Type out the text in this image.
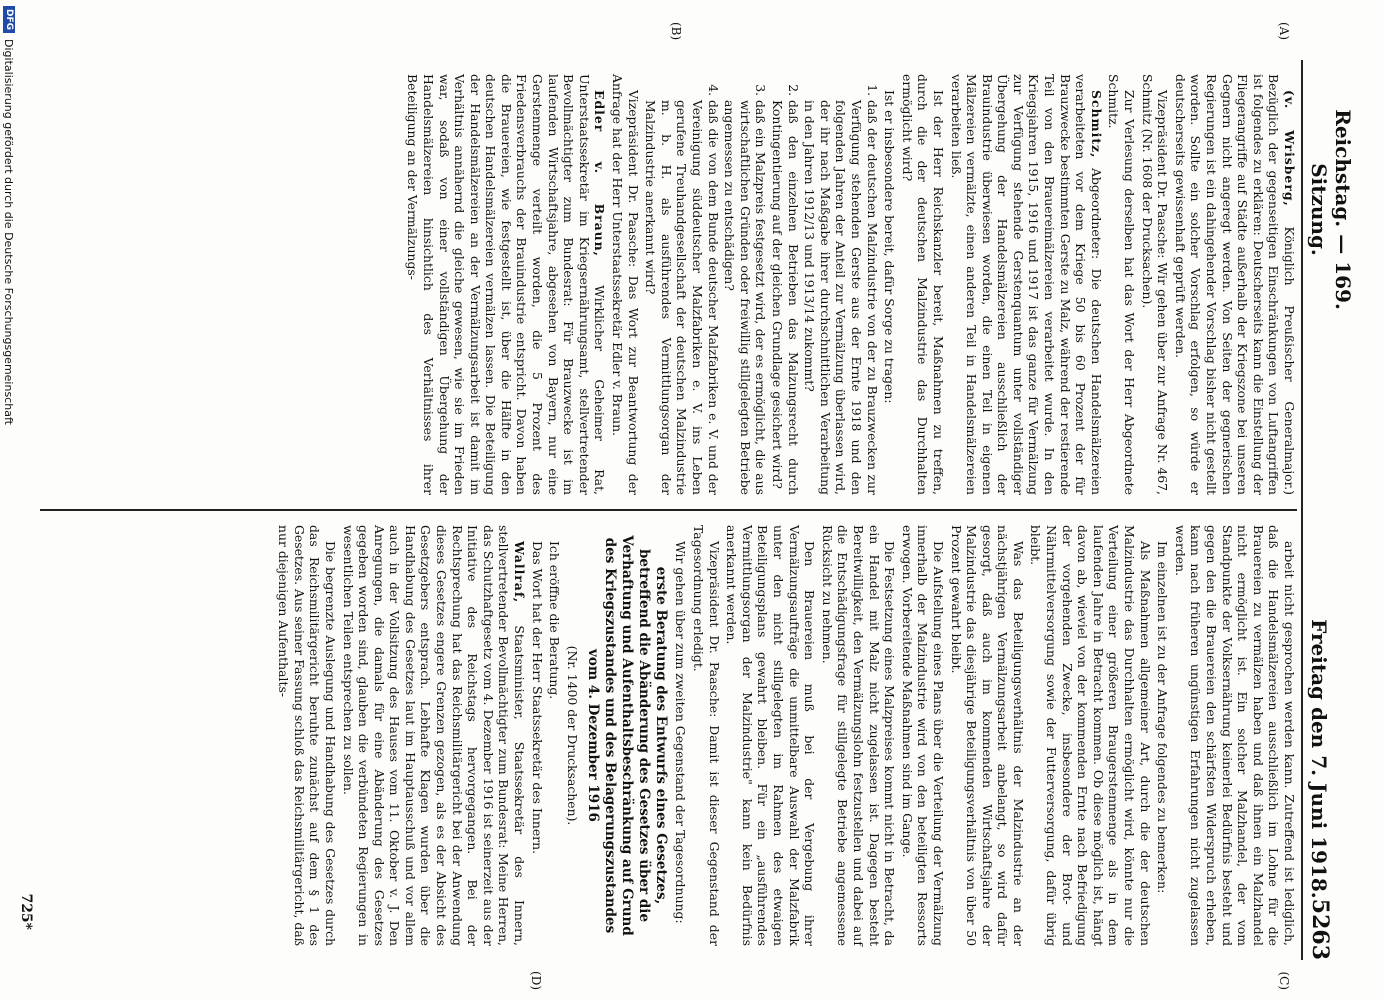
Reichstag. — 169. Sitzung.
Freitag den 7. Juni 1918.
5263
(A)
(B)
(C)
(D)

(v. Wrisberg, Königlich Preußischer Generalmajor.) Bezüglich der gegenseitigen Einschränkungen von Luftangriffen ist folgendes zu erklären: Deutscherseits kann die Einstellung der Fliegerangriffe auf Städte außerhalb der Kriegszone bei unseren Gegnern nicht angeregt werden. Von Seiten der gegnerischen Regierungen ist ein dahingehender Vorschlag bisher nicht gestellt worden. Sollte ein solcher Vorschlag erfolgen, so würde er deutscherseits gewissenhaft geprüft werden.

Vizepräsident Dr. Paasche: Wir gehen über zur Anfrage Nr. 467, Schmitz (Nr. 1608 der Drucksachen).

Zur Verlesung derselben hat das Wort der Herr Abgeordnete Schmitz.

Schmitz, Abgeordneter: Die deutschen Handelsmälzereien verarbeiteten vor dem Kriege 50 bis 60 Prozent der für Brauzwecke bestimmten Gerste zu Malz, während der restierende Teil von den Brauereimälzereien verarbeitet wurde. In den Kriegsjahren 1915, 1916 und 1917 ist das ganze für Vermälzung zur Verfügung stehende Gerstenquantum unter vollständiger Übergehung der Handelsmälzereien ausschließlich der Brauindustrie überwiesen worden, die einen Teil in eigenen Mälzereien vermälzte, einen anderen Teil in Handelsmälzereien verarbeiten ließ.

Ist der Herr Reichskanzler bereit, Maßnahmen zu treffen, durch die der deutschen Malzindustrie das Durchhalten ermöglicht wird?

Ist er insbesondere bereit, dafür Sorge zu tragen:

1. daß der deutschen Malzindustrie von der zu Brauzwecken zur Verfügung stehenden Gerste aus der Ernte 1918 und den folgenden Jahren der Anteil zur Vermälzung überlassen wird, der ihr nach Maßgabe ihrer durchschnittlichen Verarbeitung in den Jahren 1912/13 und 1913/14 zukommt?
2. daß den einzelnen Betrieben das Malzungsrecht durch Kontingentierung auf der gleichen Grundlage gesichert wird?
3. daß ein Malzpreis festgesetzt wird, der es ermöglicht, die aus wirtschaftlichen Gründen oder freiwillig stillgelegten Betriebe angemessen zu entschädigen?
4. daß die von dem Bunde deutscher Malzfabriken e. V. und der Vereinigung süddeutscher Malzfabriken e. V. ins Leben gerufene Treuhandgesellschaft der deutschen Malzindustrie m. b. H. als ausführendes Vermittlungsorgan der Malzindustrie anerkannt wird?

Vizepräsident Dr. Paasche: Das Wort zur Beantwortung der Anfrage hat der Herr Unterstaatssekretär Edler v. Braun.

Edler v. Braun, Wirklicher Geheimer Rat, Unterstaatssekretär im Kriegsernährungsamt, stellvertretender Bevollmächtigter zum Bundesrat: Für Brauzwecke ist im laufenden Wirtschaftsjahre, abgesehen von Bayern, nur eine Gerstenmenge verteilt worden, die 5 Prozent des Friedensverbrauchs der Brauindustrie entspricht. Davon haben die Brauereien, wie festgestellt ist, über die Hälfte in den deutschen Handelsmälzereien vermälzen lassen. Die Beteiligung der Handelsmälzereien an der Vermälzungsarbeit ist damit im Verhältnis annähernd die gleiche gewesen, wie sie im Frieden war, sodaß von einer vollständigen Übergehung der Handelsmälzereien hinsichtlich des Verhältnisses ihrer Beteiligung an der Vermälzungs-

arbeit nicht gesprochen werden kann. Zutreffend ist lediglich, daß die Handelsmälzereien ausschließlich im Lohne für die Brauereien zu vermälzen haben und daß ihnen ein Malzhandel nicht ermöglicht ist. Ein solcher Malzhandel, der vom Standpunkte der Volksernährung keinerlei Bedürfnis besteht und gegen den die Brauereien den schärfsten Widerspruch erheben, kann nach früheren ungünstigen Erfahrungen nicht zugelassen werden.

Im einzelnen ist zu der Anfrage folgendes zu bemerken:

Als Maßnahmen allgemeiner Art, durch die der deutschen Malzindustrie das Durchhalten ermöglicht wird, könnte nur die Verteilung einer größeren Braugerstenmenge als in dem laufenden Jahre in Betracht kommen. Ob diese möglich ist, hängt davon ab, wieviel von der kommenden Ernte nach Befriedigung der vorgehenden Zwecke, insbesondere der Brot- und Nährmittelversorgung sowie der Futterversorgung, dafür übrig bleibt.

Was das Beteiligungsverhältnis der Malzindustrie an der nächstjährigen Vermälzungsarbeit anbelangt, so wird dafür gesorgt, daß auch im kommenden Wirtschaftsjahre der Malzindustrie das diesjährige Beteiligungsverhältnis von über 50 Prozent gewahrt bleibt.

Die Aufstellung eines Plans über die Verteilung der Vermälzung innerhalb der Malzindustrie wird von den beteiligten Ressorts erwogen. Vorbereitende Maßnahmen sind im Gange.

Die Festsetzung eines Malzpreises kommt nicht in Betracht, da ein Handel mit Malz nicht zugelassen ist. Dagegen besteht Bereitwilligkeit, den Vermälzungslohn festzustellen und dabei auf die Entschädigungsfrage für stillgelegte Betriebe angemessene Rücksicht zu nehmen.

Den Brauereien muß bei der Vergebung ihrer Vermälzungsaufträge die unmittelbare Auswahl der Malzfabrik unter den nicht stillgelegten im Rahmen des etwaigen Beteiligungsplans gewahrt bleiben. Für ein „ausführendes Vermittlungsorgan der Malzindustrie" kann kein Bedürfnis anerkannt werden.

Vizepräsident Dr. Paasche: Damit ist dieser Gegenstand der Tagesordnung erledigt.

Wir gehen über zum zweiten Gegenstand der Tagesordnung:

erste Beratung des Entwurfs eines Gesetzes, betreffend die Abänderung des Gesetzes über die Verhaftung und Aufenthaltsbeschränkung auf Grund des Kriegszustandes und des Belagerungszustandes vom 4. Dezember 1916

(Nr. 1400 der Drucksachen).

Ich eröffne die Beratung.

Das Wort hat der Herr Staatssekretär des Innern.

Wallraf, Staatsminister, Staatssekretär des Innern, stellvertretender Bevollmächtigter zum Bundesrat: Meine Herren, das Schutzhaftgesetz vom 4. Dezember 1916 ist seinerzeit aus der Initiative des Reichstags hervorgegangen. Bei der Rechtsprechung hat das Reichsmilitärgericht bei der Anwendung dieses Gesetzes engere Grenzen gezogen, als es der Absicht des Gesetzgebers entsprach. Lebhafte Klagen wurden über die Handhabung des Gesetzes laut im Hauptausschuß und vor allem auch in der Vollsitzung des Hauses vom 11. Oktober v. J. Den Anregungen, die damals für eine Abänderung des Gesetzes gegeben worden sind, glauben die verbündeten Regierungen in wesentlichen Teilen entsprechen zu sollen.

Die begrenzte Auslegung und Handhabung des Gesetzes durch das Reichsmilitärgericht beruhte zunächst auf dem § 1 des Gesetzes. Aus seiner Fassung schloß das Reichsmilitärgericht, daß nur diejenigen Aufenthalts-

725*
DFG
Digitalisierung gefördert durch die Deutsche Forschungsgemeinschaft
